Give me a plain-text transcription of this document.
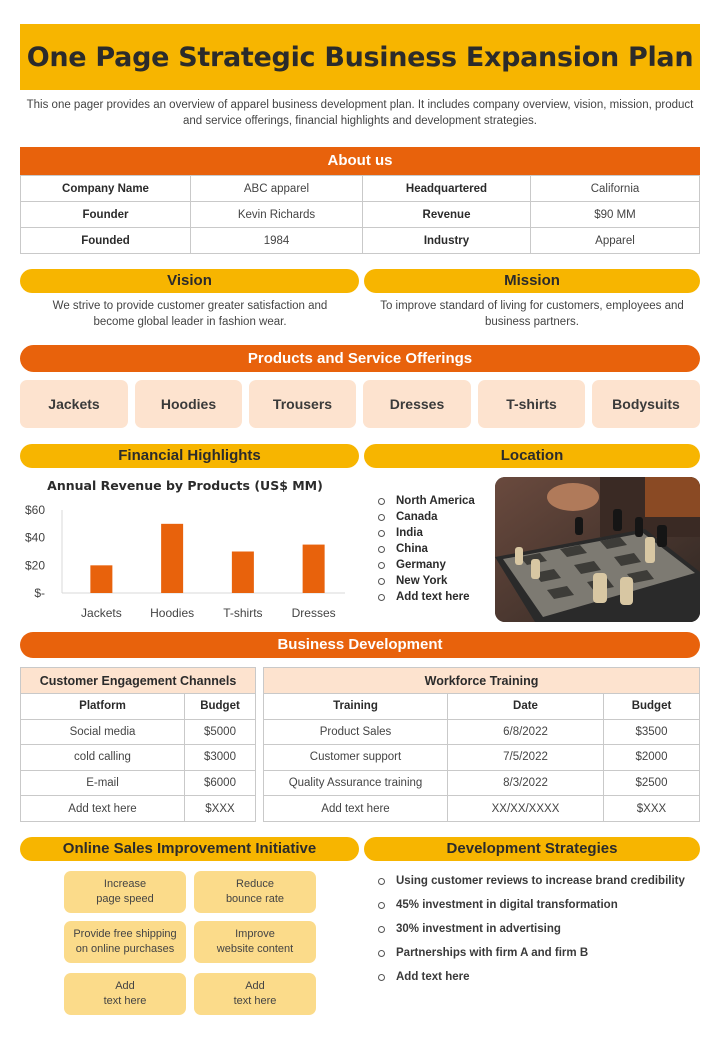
One Page Strategic Business Expansion Plan

This one pager provides an overview of apparel business development plan. It includes company overview, vision, mission, product and service offerings, financial highlights and development strategies.

About us
Company Name	ABC apparel	Headquartered	California
Founder	Kevin Richards	Revenue	$90 MM
Founded	1984	Industry	Apparel
Vision	Mission

We strive to provide customer greater satisfaction and become global leader in fashion wear.

To improve standard of living for customers, employees and business partners.

Products and Service Offerings
Jackets	Hoodies	Trousers	Dresses	T-shirts	Bodysuits
Financial Highlights	Location
Annual Revenue by Products (US$ MM)
$-
$20
$40
$60
Jackets Hoodies T-shirts Dresses
North America
Canada
India
China
Germany
New York
Add text here
Business Development
Customer Engagement Channels	
Platform	Budget
Social media	$5000
cold calling	$3000
E-mail	$6000
Add text here	$XXX
Workforce Training		
Training	Date	Budget
Product Sales	6/8/2022	$3500
Customer support	7/5/2022	$2000
Quality Assurance training	8/3/2022	$2500
Add text here	XX/XX/XXXX	$XXX
Online Sales Improvement Initiative	Development Strategies
Increase
page speed
Reduce
bounce rate
Provide free shipping
on online purchases
Improve
website content
Add
text here
Add
text here
Using customer reviews to increase brand credibility
45% investment in digital transformation
30% investment in advertising
Partnerships with firm A and firm B
Add text here
